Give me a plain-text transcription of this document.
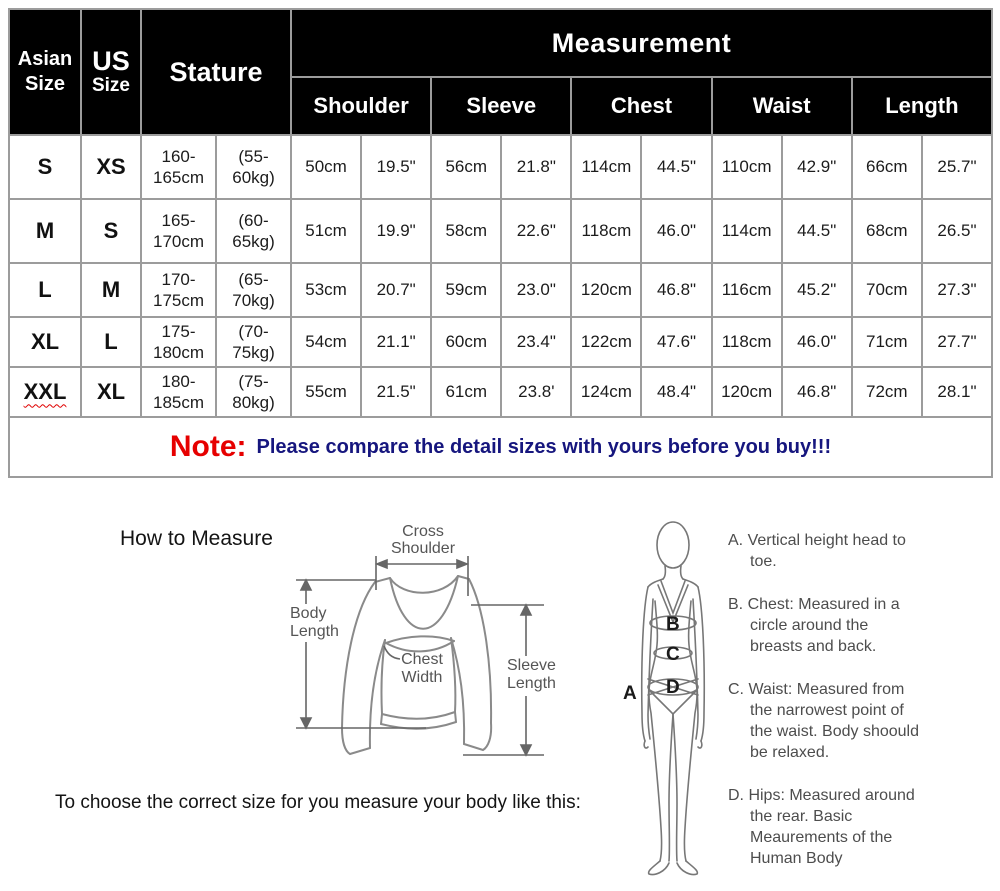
Asian Size	US
Size	Stature		Measurement									
				Shoulder		Sleeve		Chest		Waist		Length	
S	XS	160-165cm	(55-60kg)	50cm	19.5"	56cm	21.8"	114cm	44.5"	110cm	42.9"	66cm	25.7"
M	S	165-170cm	(60-65kg)	51cm	19.9"	58cm	22.6"	118cm	46.0"	114cm	44.5"	68cm	26.5"
L	M	170-175cm	(65-70kg)	53cm	20.7"	59cm	23.0"	120cm	46.8"	116cm	45.2"	70cm	27.3"
XL	L	175-180cm	(70-75kg)	54cm	21.1"	60cm	23.4"	122cm	47.6"	118cm	46.0"	71cm	27.7"
XXL	XL	180-185cm	(75-80kg)	55cm	21.5"	61cm	23.8'	124cm	48.4"	120cm	46.8"	72cm	28.1"
Note: Please compare the detail sizes with yours before you buy!!!													
How to Measure	Cross
Shoulder
Body
Length
Chest
Width
Sleeve
Length	A
B
C
D
A. Vertical height head to toe.
B. Chest: Measured in a circle around the breasts and back.
C. Waist: Measured from the narrowest point of the waist. Body shoould be relaxed.
D. Hips: Measured around the rear. Basic Meaurements of the Human Body
To choose the correct size for you measure your body like this:
